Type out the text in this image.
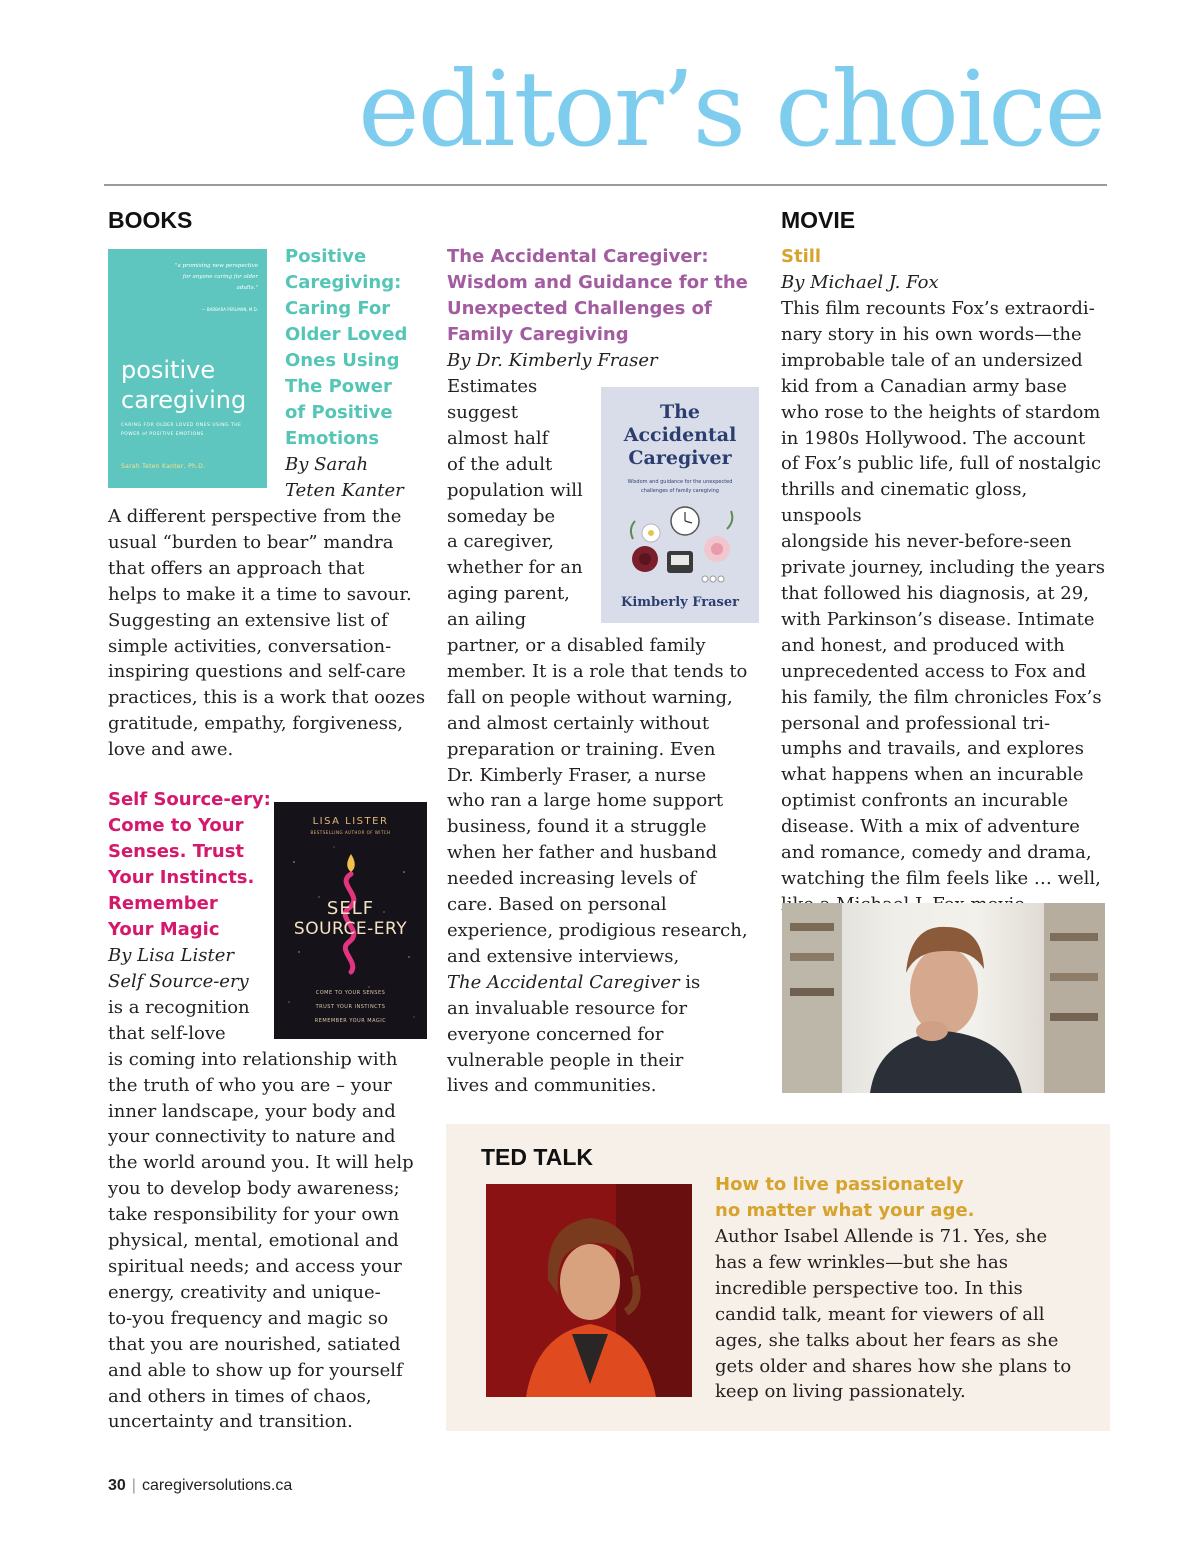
editor’s choice
BOOKS	MOVIE
"a promising new perspective for anyone caring for older adults."
— BARBARA PERLMAN, M.D.
positive
caregiving
CARING FOR OLDER LOVED ONES USING THE POWER of POSITIVE EMOTIONS
Sarah Teten Kanter, Ph.D.
Positive
Caregiving:
Caring For
Older Loved
Ones Using
The Power
of Positive
Emotions
By Sarah
Teten Kanter

A different perspective from the

usual “burden to bear” mandra

that offers an approach that

helps to make it a time to savour.

Suggesting an extensive list of

simple activities, conversation-

inspiring questions and self-care

practices, this is a work that oozes

gratitude, empathy, forgiveness,

love and awe.

Self Source-ery:
Come to Your
Senses. Trust
Your Instincts.
Remember
Your Magic
By Lisa Lister
LISA LISTER
BESTSELLING AUTHOR OF WITCH
SELF
SOURCE-ERY
COME TO YOUR SENSES
TRUST YOUR INSTINCTS
REMEMBER YOUR MAGIC

Self Source-ery

is a recognition

that self-love

is coming into relationship with

the truth of who you are – your

inner landscape, your body and

your connectivity to nature and

the world around you. It will help

you to develop body awareness;

take responsibility for your own

physical, mental, emotional and

spiritual needs; and access your

energy, creativity and unique-

to-you frequency and magic so

that you are nourished, satiated

and able to show up for yourself

and others in times of chaos,

uncertainty and transition.

The Accidental Caregiver:
Wisdom and Guidance for the
Unexpected Challenges of
Family Caregiving
By Dr. Kimberly Fraser

Estimates

suggest

almost half

of the adult

population will

someday be

a caregiver,

whether for an

aging parent,

an ailing

The
Accidental
Caregiver
Wisdom and guidance for the unexpected challenges of family caregiving
Kimberly Fraser

partner, or a disabled family

member. It is a role that tends to

fall on people without warning,

and almost certainly without

preparation or training. Even

Dr. Kimberly Fraser, a nurse

who ran a large home support

business, found it a struggle

when her father and husband

needed increasing levels of

care. Based on personal

experience, prodigious research,

and extensive interviews,

The Accidental Caregiver is

an invaluable resource for

everyone concerned for

vulnerable people in their

lives and communities.

Still
By Michael J. Fox

This film recounts Fox’s extraordi-

nary story in his own words—the

improbable tale of an undersized

kid from a Canadian army base

who rose to the heights of stardom

in 1980s Hollywood. The account

of Fox’s public life, full of nostalgic

thrills and cinematic gloss, unspools

alongside his never-before-seen

private journey, including the years

that followed his diagnosis, at 29,

with Parkinson’s disease. Intimate

and honest, and produced with

unprecedented access to Fox and

his family, the film chronicles Fox’s

personal and professional tri-

umphs and travails, and explores

what happens when an incurable

optimist confronts an incurable

disease. With a mix of adventure

and romance, comedy and drama,

watching the film feels like … well,

TED TALK
How to live passionately
no matter what your age.

Author Isabel Allende is 71. Yes, she

has a few wrinkles—but she has

incredible perspective too. In this

candid talk, meant for viewers of all

ages, she talks about her fears as she

gets older and shares how she plans to

keep on living passionately.

30 | caregiversolutions.ca
